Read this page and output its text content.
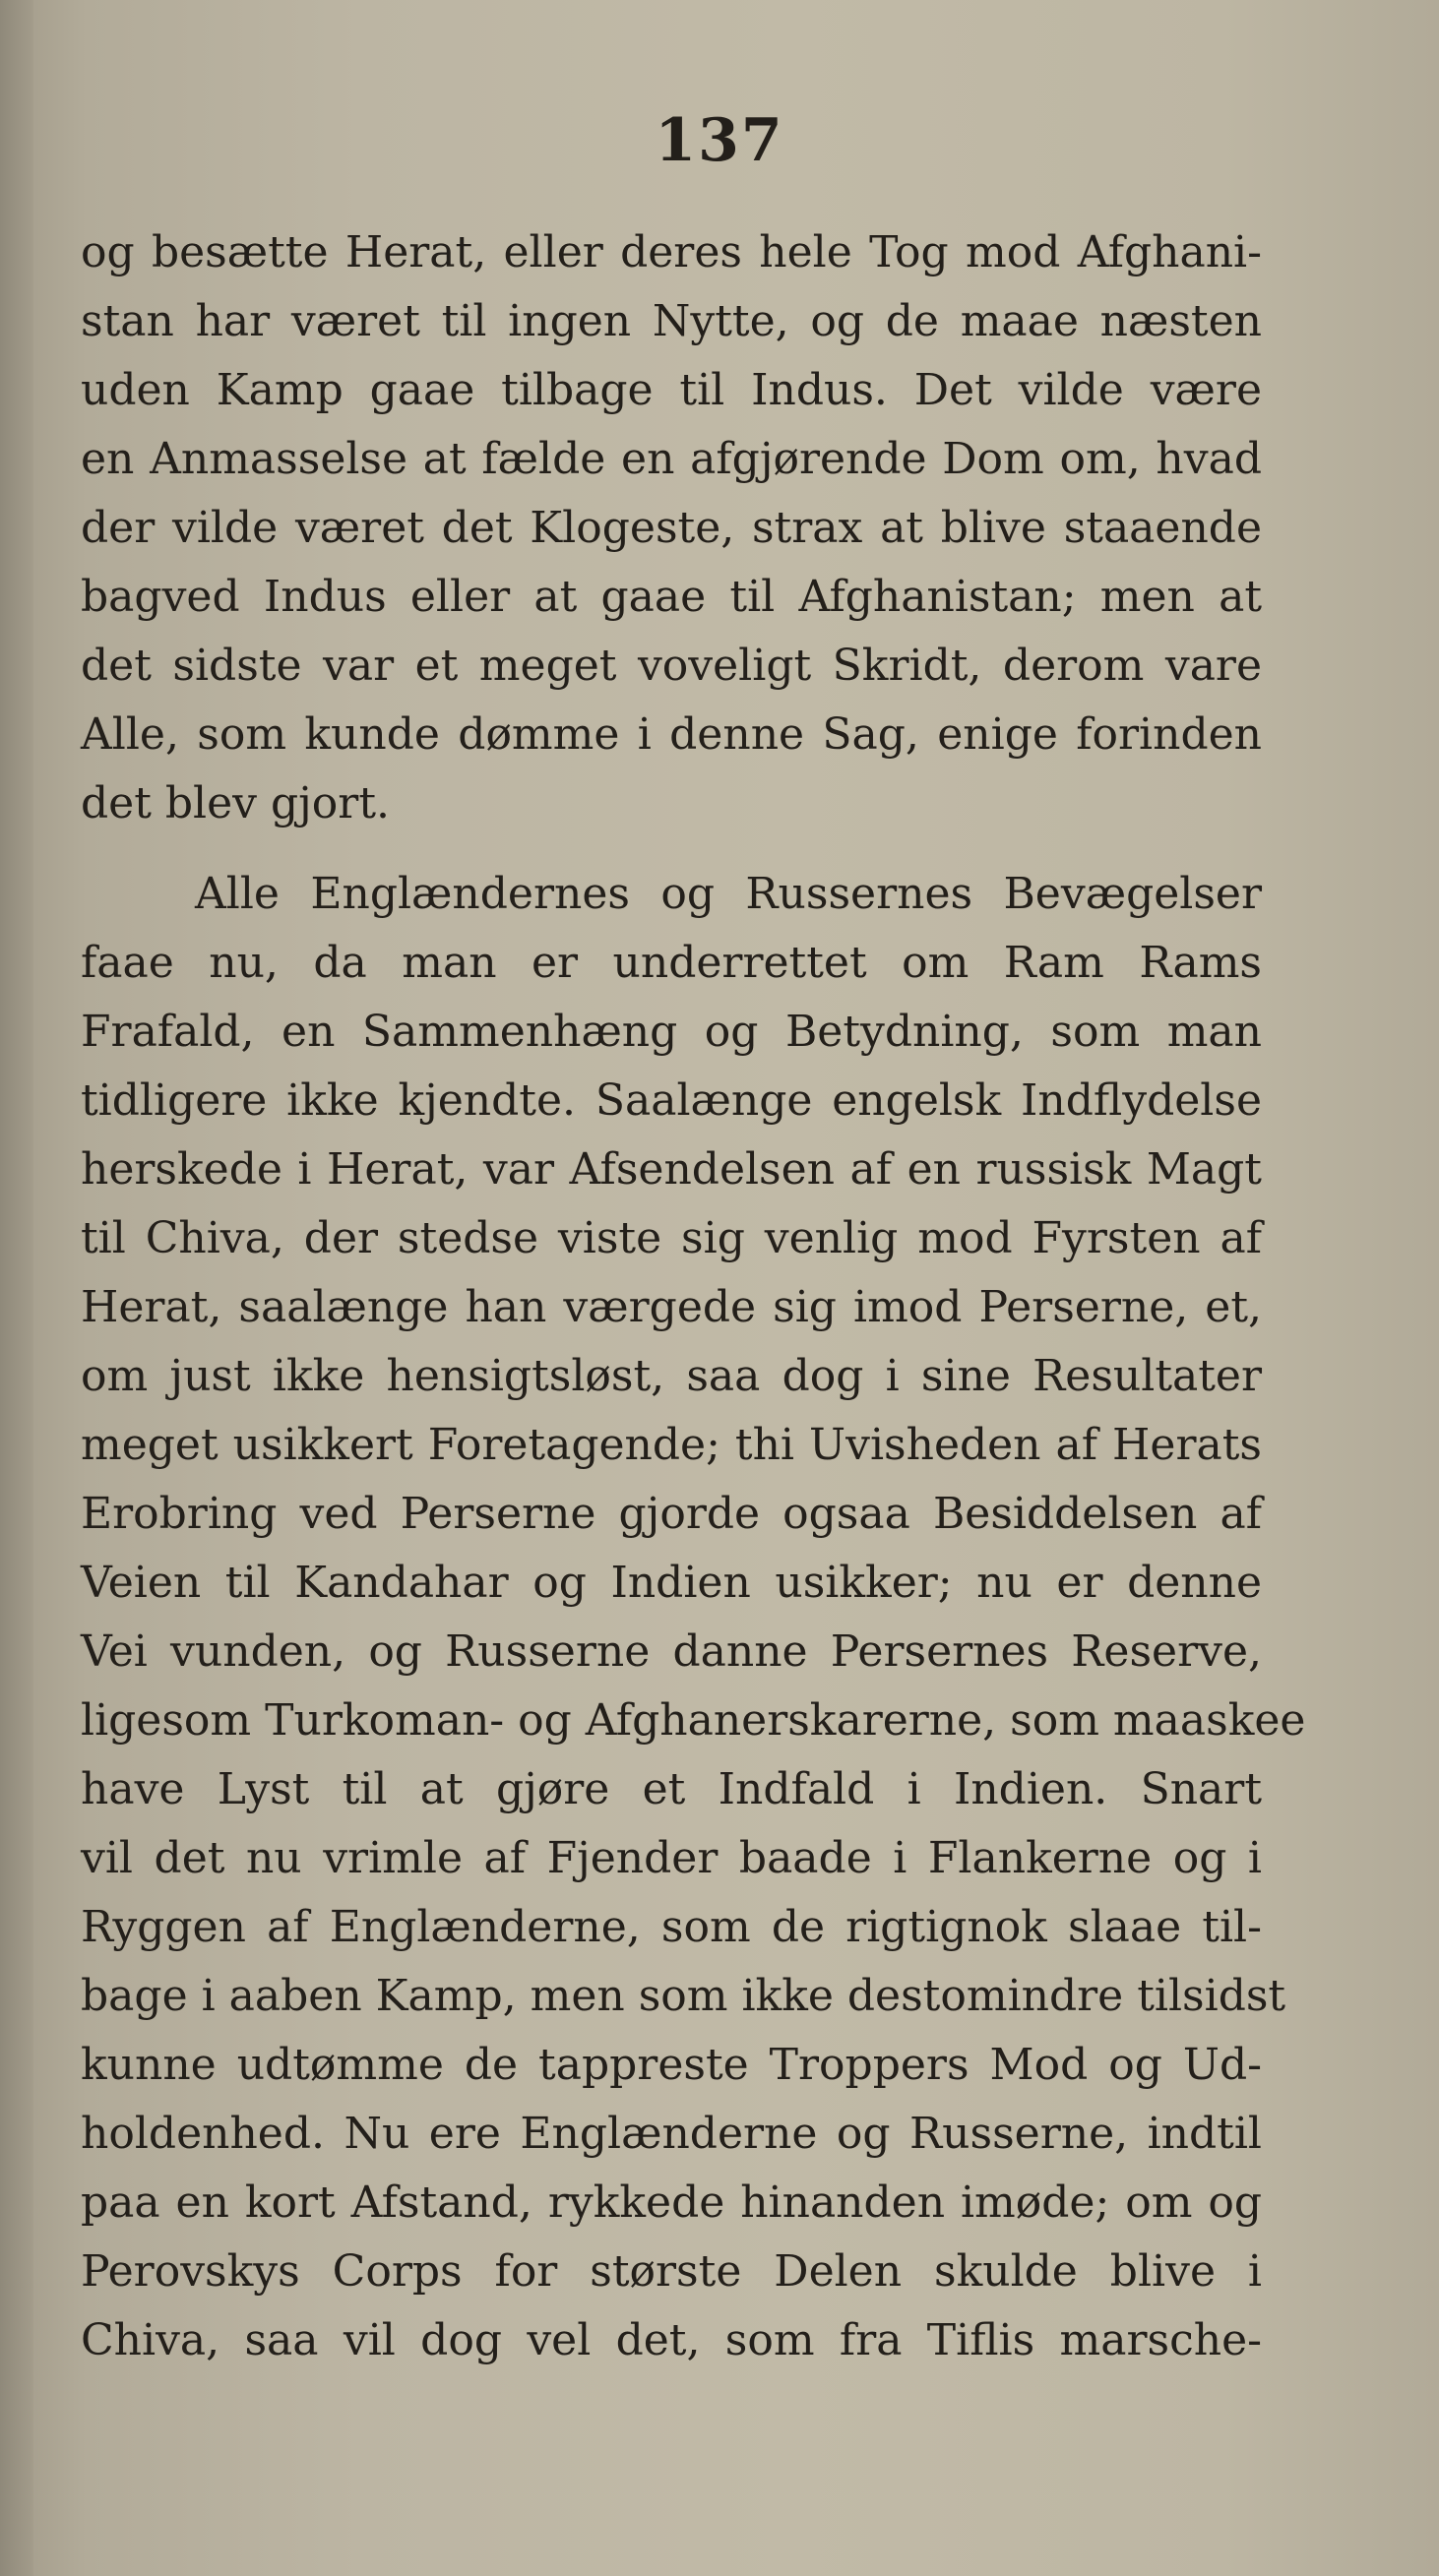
137
og besætte Herat, eller deres hele Tog mod Afghani-
stan har været til ingen Nytte, og de maae næsten
uden Kamp gaae tilbage til Indus. Det vilde være
en Anmasselse at fælde en afgjørende Dom om, hvad
der vilde været det Klogeste, strax at blive staaende
bagved Indus eller at gaae til Afghanistan; men at
det sidste var et meget voveligt Skridt, derom vare
Alle, som kunde dømme i denne Sag, enige forinden
det blev gjort.
Alle Englændernes og Russernes Bevægelser
faae nu, da man er underrettet om Ram Rams
Frafald, en Sammenhæng og Betydning, som man
tidligere ikke kjendte. Saalænge engelsk Indflydelse
herskede i Herat, var Afsendelsen af en russisk Magt
til Chiva, der stedse viste sig venlig mod Fyrsten af
Herat, saalænge han værgede sig imod Perserne, et,
om just ikke hensigtsløst, saa dog i sine Resultater
meget usikkert Foretagende; thi Uvisheden af Herats
Erobring ved Perserne gjorde ogsaa Besiddelsen af
Veien til Kandahar og Indien usikker; nu er denne
Vei vunden, og Russerne danne Persernes Reserve,
ligesom Turkoman- og Afghanerskarerne, som maaskee
have Lyst til at gjøre et Indfald i Indien. Snart
vil det nu vrimle af Fjender baade i Flankerne og i
Ryggen af Englænderne, som de rigtignok slaae til-
bage i aaben Kamp, men som ikke destomindre tilsidst
kunne udtømme de tappreste Troppers Mod og Ud-
holdenhed. Nu ere Englænderne og Russerne, indtil
paa en kort Afstand, rykkede hinanden imøde; om og
Perovskys Corps for største Delen skulde blive i
Chiva, saa vil dog vel det, som fra Tiflis marsche-
